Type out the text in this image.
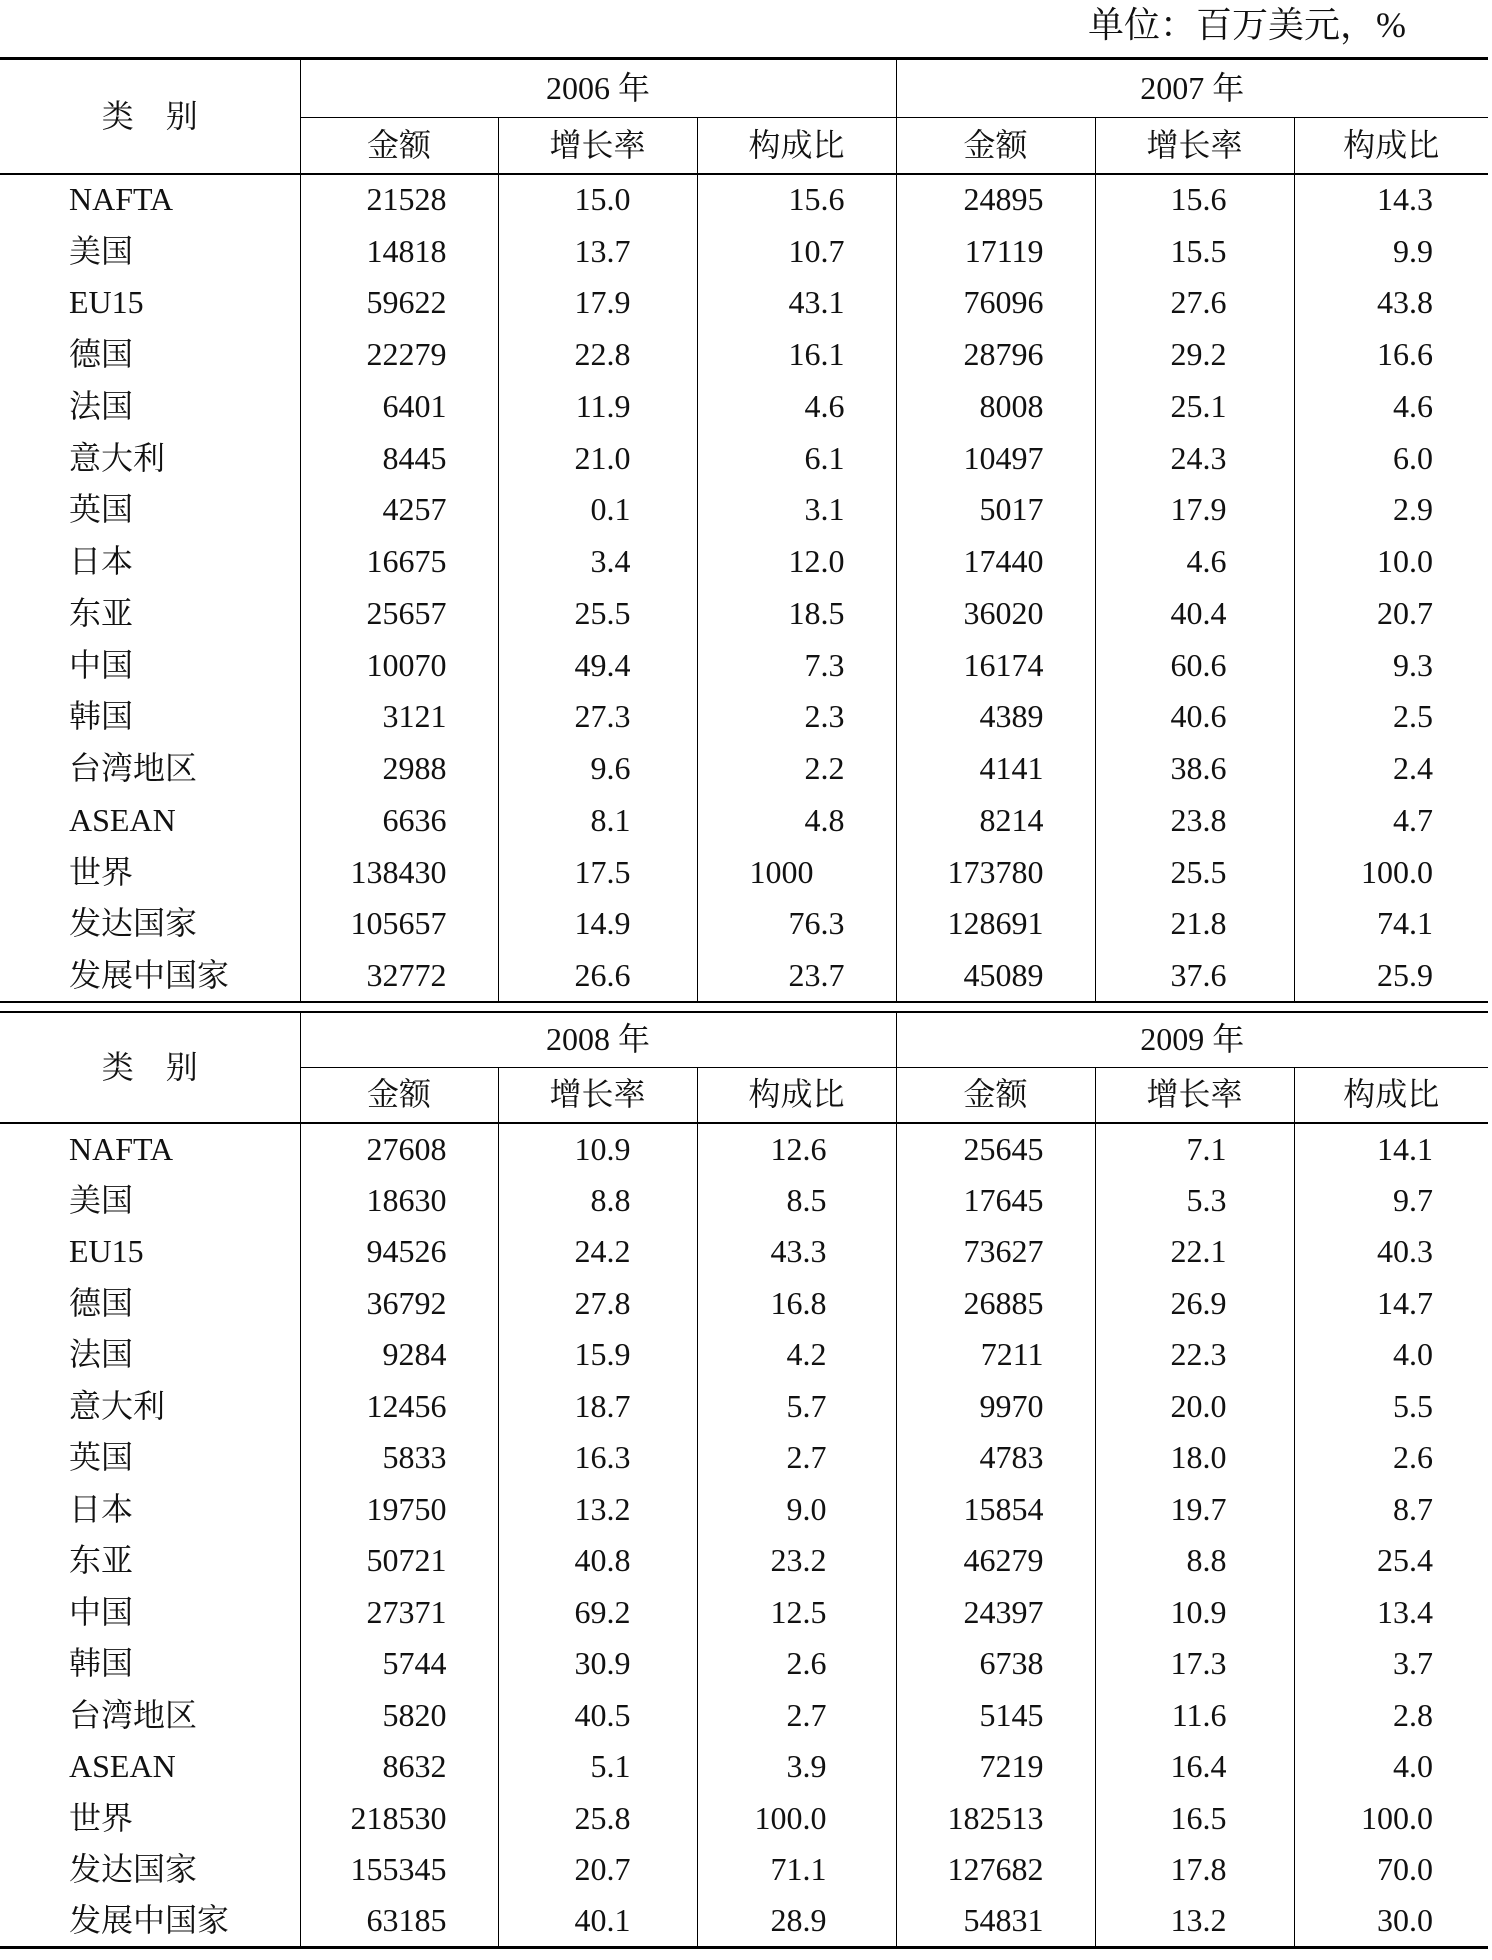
单位：百万美元，%
类　别	2006 年			2007 年		
	金额	增长率	构成比	金额	增长率	构成比
NAFTA	21528	15.0	15.6	24895	15.6	14.3
美国	14818	13.7	10.7	17119	15.5	9.9
EU15	59622	17.9	43.1	76096	27.6	43.8
德国	22279	22.8	16.1	28796	29.2	16.6
法国	6401	11.9	4.6	8008	25.1	4.6
意大利	8445	21.0	6.1	10497	24.3	6.0
英国	4257	0.1	3.1	5017	17.9	2.9
日本	16675	3.4	12.0	17440	4.6	10.0
东亚	25657	25.5	18.5	36020	40.4	20.7
中国	10070	49.4	7.3	16174	60.6	9.3
韩国	3121	27.3	2.3	4389	40.6	2.5
台湾地区	2988	9.6	2.2	4141	38.6	2.4
ASEAN	6636	8.1	4.8	8214	23.8	4.7
世界	138430	17.5	1000	173780	25.5	100.0
发达国家	105657	14.9	76.3	128691	21.8	74.1
发展中国家	32772	26.6	23.7	45089	37.6	25.9
类　别	2008 年			2009 年		
	金额	增长率	构成比	金额	增长率	构成比
NAFTA	27608	10.9	12.6	25645	7.1	14.1
美国	18630	8.8	8.5	17645	5.3	9.7
EU15	94526	24.2	43.3	73627	22.1	40.3
德国	36792	27.8	16.8	26885	26.9	14.7
法国	9284	15.9	4.2	7211	22.3	4.0
意大利	12456	18.7	5.7	9970	20.0	5.5
英国	5833	16.3	2.7	4783	18.0	2.6
日本	19750	13.2	9.0	15854	19.7	8.7
东亚	50721	40.8	23.2	46279	8.8	25.4
中国	27371	69.2	12.5	24397	10.9	13.4
韩国	5744	30.9	2.6	6738	17.3	3.7
台湾地区	5820	40.5	2.7	5145	11.6	2.8
ASEAN	8632	5.1	3.9	7219	16.4	4.0
世界	218530	25.8	100.0	182513	16.5	100.0
发达国家	155345	20.7	71.1	127682	17.8	70.0
发展中国家	63185	40.1	28.9	54831	13.2	30.0
